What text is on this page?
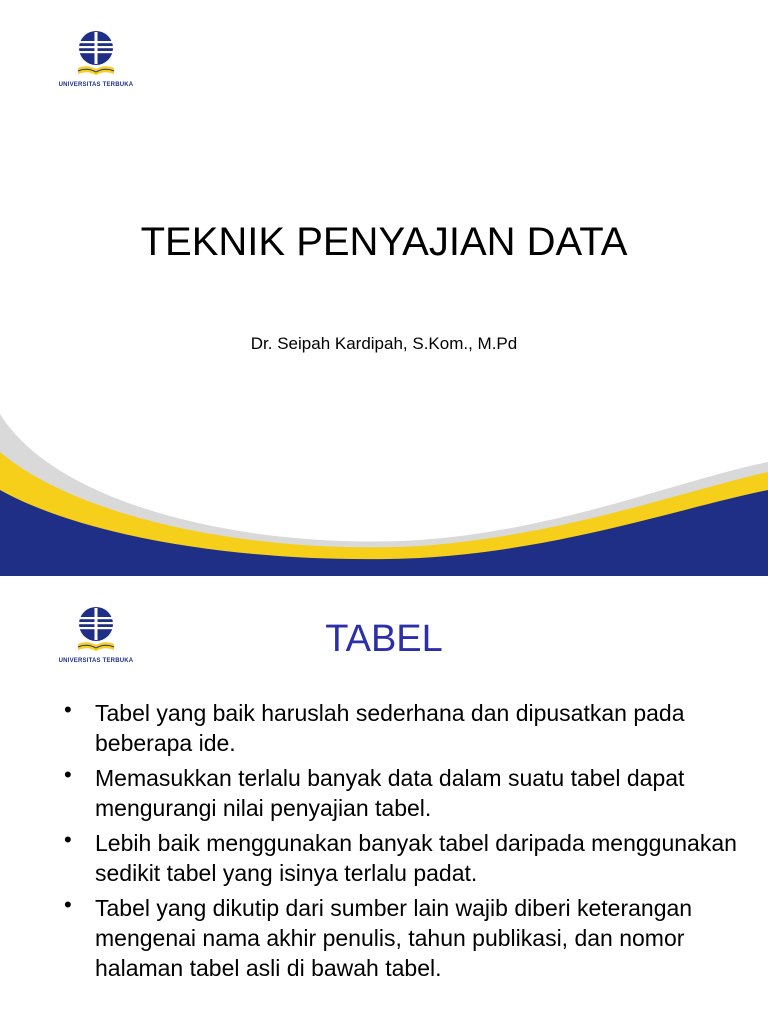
UNIVERSITAS TERBUKA
TEKNIK PENYAJIAN DATA
Dr. Seipah Kardipah, S.Kom., M.Pd
UNIVERSITAS TERBUKA
TABEL
• Tabel yang baik haruslah sederhana dan dipusatkan pada beberapa ide.
• Memasukkan terlalu banyak data dalam suatu tabel dapat mengurangi nilai penyajian tabel.
• Lebih baik menggunakan banyak tabel daripada menggunakan sedikit tabel yang isinya terlalu padat.
• Tabel yang dikutip dari sumber lain wajib diberi keterangan mengenai nama akhir penulis, tahun publikasi, dan nomor halaman tabel asli di bawah tabel.
